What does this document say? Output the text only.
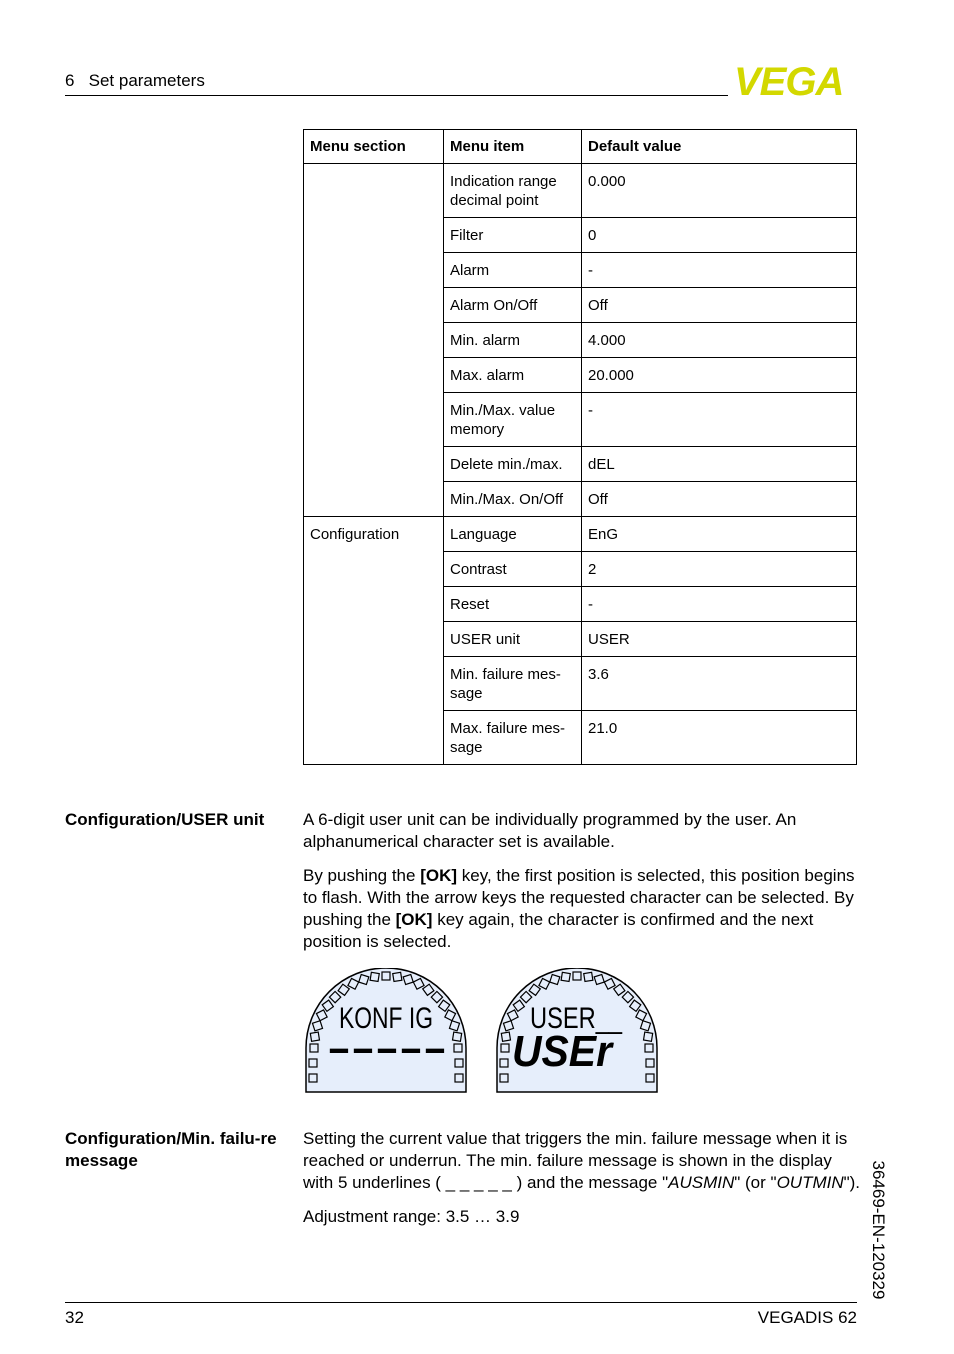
6   Set parameters	VEGA
Menu section	Menu item	Default value
	Indication range decimal point	0.000
	Filter	0
	Alarm	-
	Alarm On/Off	Off
	Min. alarm	4.000
	Max. alarm	20.000
	Min./Max. value memory	-
	Delete min./max.	dEL
	Min./Max. On/Off	Off
Configuration	Language	EnG
	Contrast	2
	Reset	-
	USER unit	USER
	Min. failure mes-sage	3.6
	Max. failure mes-sage	21.0
Configuration/USER unit	A 6-digit user unit can be individually programmed by the user. An alphanumerical character set is available.

By pushing the [OK] key, the first position is selected, this position begins to flash. With the arrow keys the requested character can be selected. By pushing the [OK] key again, the character is confirmed and the next position is selected.

KONF IG
-----
USER__
USEr
Configuration/Min. failu-re message

Setting the current value that triggers the min. failure message when it is reached or underrun. The min. failure message is shown in the display with 5 underlines ( _ _ _ _ _ ) and the message "AUSMIN" (or "OUTMIN").

Adjustment range: 3.5 … 3.9	36469-EN-120329
32	VEGADIS 62
